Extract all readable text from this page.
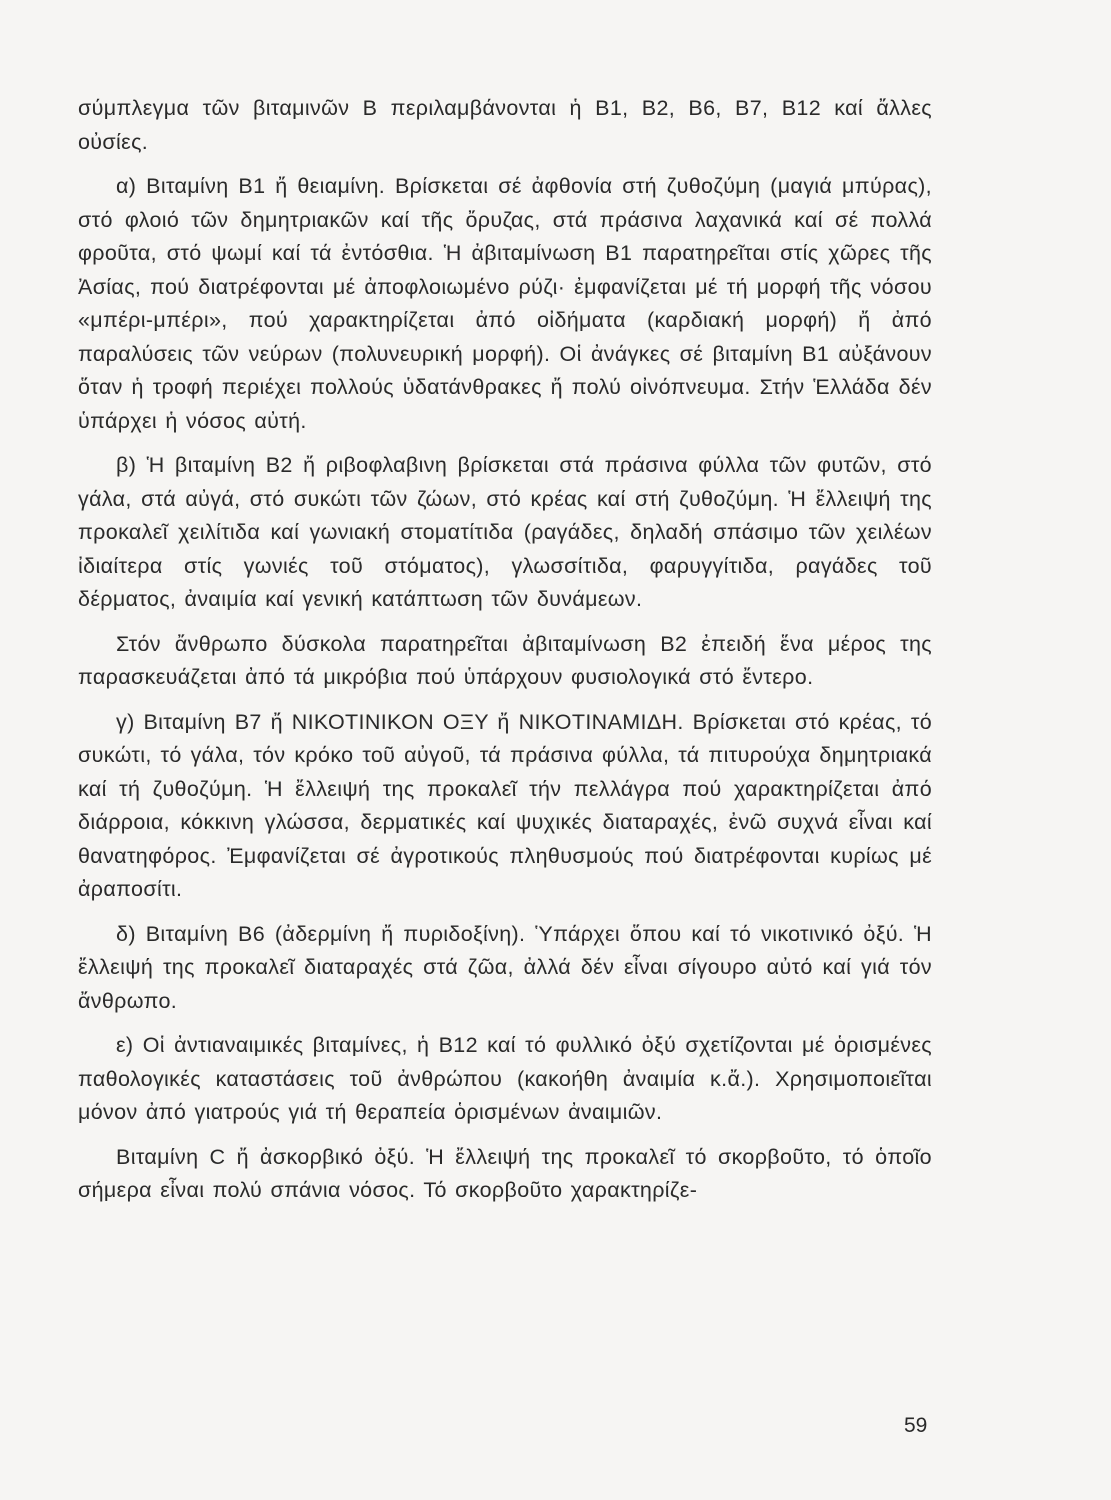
σύμπλεγμα τῶν βιταμινῶν Β περιλαμβάνονται ἡ Β1, Β2, Β6, Β7, Β12 καί ἄλλες οὐσίες.

α) Βιταμίνη Β1 ἤ θειαμίνη. Βρίσκεται σέ ἀφθονία στή ζυθοζύμη (μαγιά μπύρας), στό φλοιό τῶν δημητριακῶν καί τῆς ὄρυζας, στά πράσινα λαχανικά καί σέ πολλά φροῦτα, στό ψωμί καί τά ἐντόσθια. Ἡ ἀβιταμίνωση Β1 παρατηρεῖται στίς χῶρες τῆς Ἀσίας, πού διατρέφονται μέ ἀποφλοιωμένο ρύζι· ἐμφανίζεται μέ τή μορφή τῆς νόσου «μπέρι-μπέρι», πού χαρακτηρίζεται ἀπό οἰδήματα (καρδιακή μορφή) ἤ ἀπό παραλύσεις τῶν νεύρων (πολυνευρική μορφή). Οἱ ἀνάγκες σέ βιταμίνη Β1 αὐξάνουν ὅταν ἡ τροφή περιέχει πολλούς ὑδατάνθρακες ἤ πολύ οἰνόπνευμα. Στήν Ἑλλάδα δέν ὑπάρχει ἡ νόσος αὐτή.

β) Ἡ βιταμίνη Β2 ἤ ριβοφλαβινη βρίσκεται στά πράσινα φύλλα τῶν φυτῶν, στό γάλα, στά αὐγά, στό συκώτι τῶν ζώων, στό κρέας καί στή ζυθοζύμη. Ἡ ἔλλειψή της προκαλεῖ χειλίτιδα καί γωνιακή στοματίτιδα (ραγάδες, δηλαδή σπάσιμο τῶν χειλέων ἰδιαίτερα στίς γωνιές τοῦ στόματος), γλωσσίτιδα, φαρυγγίτιδα, ραγάδες τοῦ δέρματος, ἀναιμία καί γενική κατάπτωση τῶν δυνάμεων.

Στόν ἄνθρωπο δύσκολα παρατηρεῖται ἀβιταμίνωση Β2 ἐπειδή ἕνα μέρος της παρασκευάζεται ἀπό τά μικρόβια πού ὑπάρχουν φυσιολογικά στό ἔντερο.

γ) Βιταμίνη Β7 ἤ ΝΙΚΟΤΙΝΙΚΟΝ ΟΞΥ ἤ ΝΙΚΟΤΙΝΑΜΙΔΗ. Βρίσκεται στό κρέας, τό συκώτι, τό γάλα, τόν κρόκο τοῦ αὐγοῦ, τά πράσινα φύλλα, τά πιτυρούχα δημητριακά καί τή ζυθοζύμη. Ἡ ἔλλειψή της προκαλεῖ τήν πελλάγρα πού χαρακτηρίζεται ἀπό διάρροια, κόκκινη γλώσσα, δερματικές καί ψυχικές διαταραχές, ἐνῶ συχνά εἶναι καί θανατηφόρος. Ἐμφανίζεται σέ ἀγροτικούς πληθυσμούς πού διατρέφονται κυρίως μέ ἀραποσίτι.

δ) Βιταμίνη Β6 (ἀδερμίνη ἤ πυριδοξίνη). Ὑπάρχει ὅπου καί τό νικοτινικό ὀξύ. Ἡ ἔλλειψή της προκαλεῖ διαταραχές στά ζῶα, ἀλλά δέν εἶναι σίγουρο αὐτό καί γιά τόν ἄνθρωπο.

ε) Οἱ ἀντιαναιμικές βιταμίνες, ἡ Β12 καί τό φυλλικό ὀξύ σχετίζονται μέ ὁρισμένες παθολογικές καταστάσεις τοῦ ἀνθρώπου (κακοήθη ἀναιμία κ.ἄ.). Χρησιμοποιεῖται μόνον ἀπό γιατρούς γιά τή θεραπεία ὁρισμένων ἀναιμιῶν.

Βιταμίνη C ἤ ἀσκορβικό ὀξύ. Ἡ ἔλλειψή της προκαλεῖ τό σκορβοῦτο, τό ὁποῖο σήμερα εἶναι πολύ σπάνια νόσος. Τό σκορβοῦτο χαρακτηρίζε-

59
